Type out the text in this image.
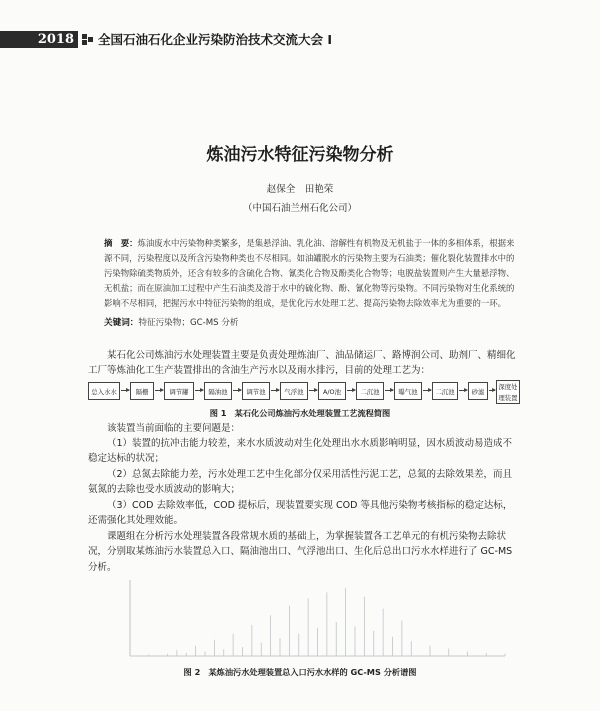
2018	全国石油石化企业污染防治技术交流大会 I
炼油污水特征污染物分析
赵保全　田艳荣
（中国石油兰州石化公司）
摘　要：炼油废水中污染物种类繁多，是集悬浮油、乳化油、溶解性有机物及无机盐于一体的多相体系，根据来源不同，污染程度以及所含污染物种类也不尽相同。如油罐脱水的污染物主要为石油类；催化裂化装置排水中的污染物除硫类物质外，还含有较多的含硫化合物、氰类化合物及酚类化合物等；电脱盐装置则产生大量悬浮物、无机盐；而在原油加工过程中产生石油类及溶于水中的硫化物、酚、氰化物等污染物。不同污染物对生化系统的影响不尽相同，把握污水中特征污染物的组成，是优化污水处理工艺、提高污染物去除效率尤为重要的一环。
关键词：特征污染物；GC-MS 分析
某石化公司炼油污水处理装置主要是负责处理炼油厂、油品储运厂、路博润公司、助剂厂、精细化工厂等炼油化工生产装置排出的含油生产污水以及雨水排污，目前的处理工艺为：
总入水水	隔栅	调节罐	隔油池	调节池	气浮池	A/O池	二沉池	曝气池	二沉池	砂滤
深度处理装置
图 1　某石化公司炼油污水处理装置工艺流程简图
该装置当前面临的主要问题是：
（1）装置的抗冲击能力较差，来水水质波动对生化处理出水水质影响明显，因水质波动易造成不稳定达标的状况；
（2）总氮去除能力差，污水处理工艺中生化部分仅采用活性污泥工艺，总氮的去除效果差，而且氨氮的去除也受水质波动的影响大；
（3）COD 去除效率低，COD 提标后，现装置要实现 COD 等具他污染物考核指标的稳定达标，还需强化其处理效能。
课题组在分析污水处理装置各段常规水质的基础上，为掌握装置各工艺单元的有机污染物去除状况，分别取某炼油污水装置总入口、隔油池出口、气浮池出口、生化后总出口污水水样进行了 GC-MS 分析。
图 2　某炼油污水处理装置总入口污水水样的 GC-MS 分析谱图
